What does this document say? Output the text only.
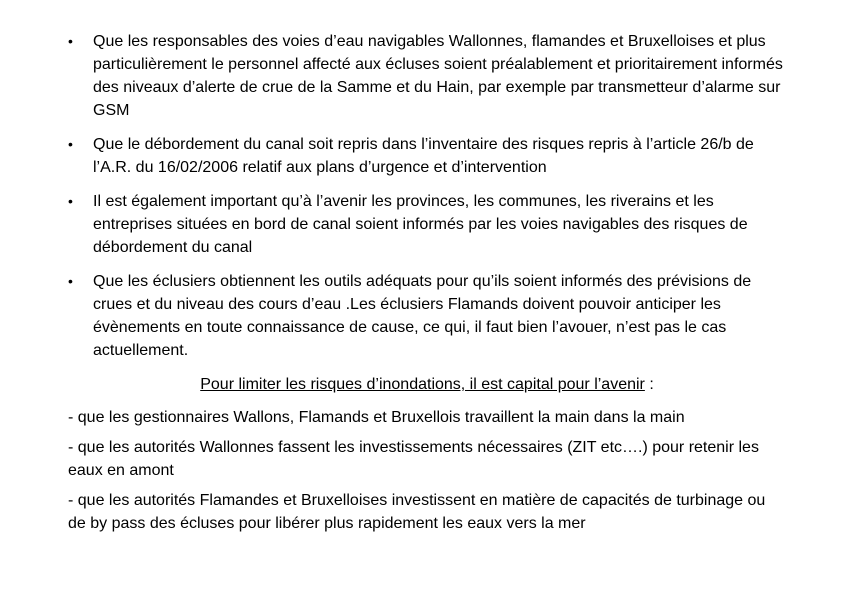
•	Que les responsables des voies d’eau navigables Wallonnes, flamandes et Bruxelloises et plus particulièrement le personnel affecté aux écluses soient préalablement et prioritairement informés des niveaux d’alerte de crue de la Samme et du Hain, par exemple par transmetteur d’alarme sur GSM
•	Que le débordement du canal soit repris dans l’inventaire des risques repris à l’article 26/b de l’A.R. du 16/02/2006 relatif aux plans d’urgence et d’intervention
•	Il est également important qu’à l’avenir les provinces, les communes, les riverains et les entreprises situées en bord de canal soient informés par les voies navigables des risques de débordement du canal
•	Que les éclusiers obtiennent les outils adéquats pour qu’ils soient informés des prévisions de crues et du niveau des cours d’eau .Les éclusiers Flamands doivent pouvoir anticiper les évènements en toute connaissance de cause, ce qui, il faut bien l’avouer, n’est pas le cas actuellement.

Pour limiter les risques d’inondations, il est capital pour l’avenir :

- que les gestionnaires Wallons, Flamands et Bruxellois travaillent la main dans la main

- que les autorités Wallonnes fassent les investissements nécessaires (ZIT etc….) pour retenir les eaux en amont

- que les autorités Flamandes et Bruxelloises investissent en matière de capacités de turbinage ou de by pass des écluses pour libérer plus rapidement les eaux vers la mer
